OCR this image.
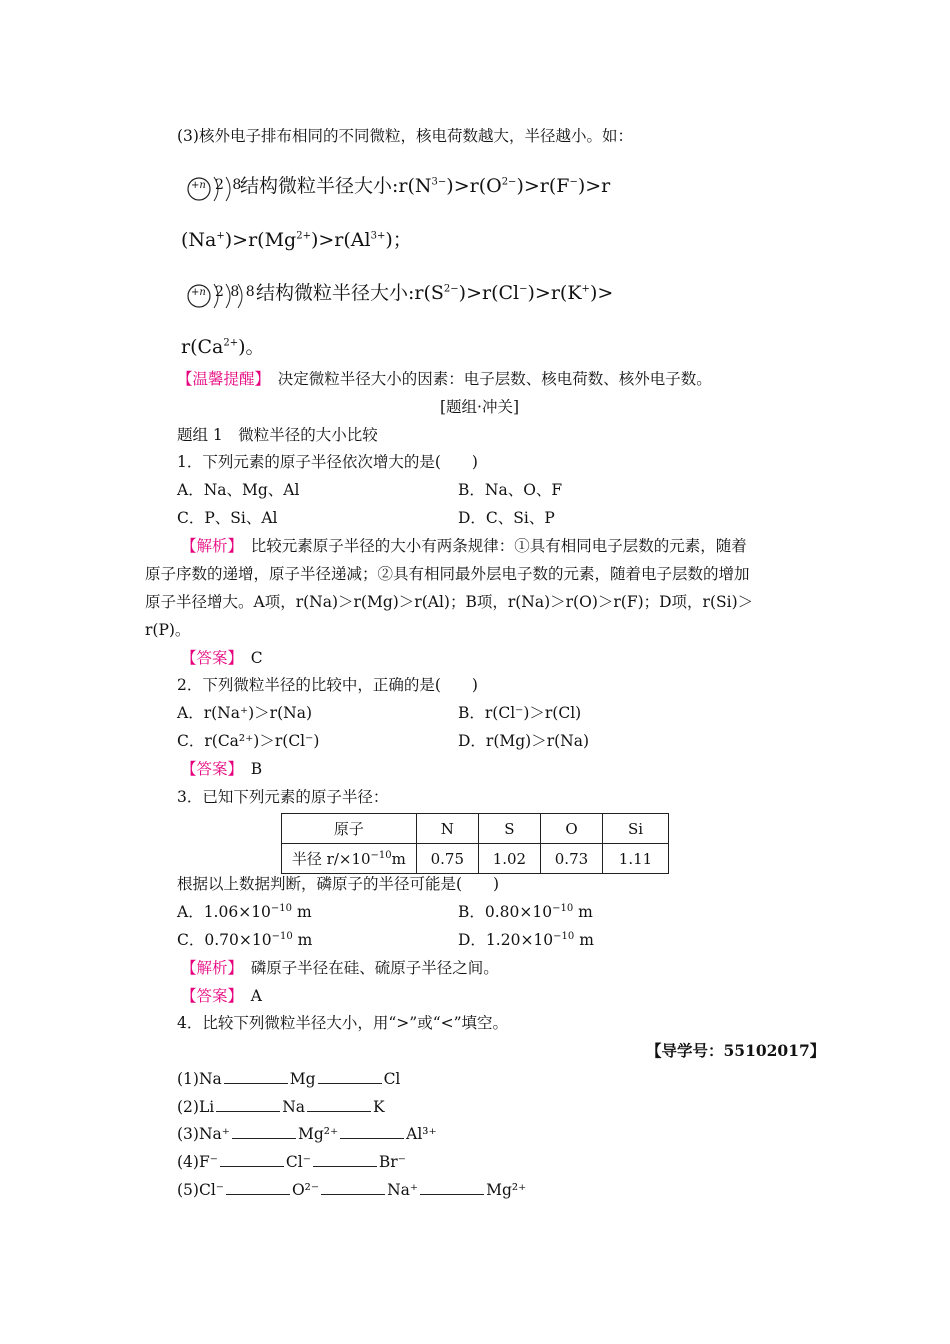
(3)核外电子排布相同的不同微粒，核电荷数越大，半径越小。如：
+n 2 8
结构微粒半径大小$:r(N^{3-})>r(O^{2-})>r(F^-)>r$
$(Na^+)>r(Mg^{2+})>r(Al^{3+})$；
+n 2 8 8 结构微粒半径大小$:r(S^{2-})>r(Cl^-)>r(K^+)>$
$r(Ca^{2+})$。
【温馨提醒】　 决定微粒半径大小的因素：电子层数、核电荷数、核外电子数。
[题组·冲关]
题组 1　微粒半径的大小比较
1．下列元素的原子半径依次增大的是(　　)
A．Na、Mg、Al	B．Na、O、F
C．P、Si、Al	D．C、Si、P
【解析】　 比较元素原子半径的大小有两条规律：①具有相同电子层数的元素，随着
原子序数的递增，原子半径递减；②具有相同最外层电子数的元素，随着电子层数的增加
原子半径增大。A项，r(Na)＞r(Mg)＞r(Al)；B项，r(Na)＞r(O)＞r(F)；D项，r(Si)＞
r(P)。
【答案】　 C
2．下列微粒半径的比较中，正确的是(　　)
A．r(Na⁺)＞r(Na)	B．r(Cl⁻)＞r(Cl)
C．r(Ca²⁺)＞r(Cl⁻)	D．r(Mg)＞r(Na)
【答案】　 B
3．已知下列元素的原子半径：
原子	N	S	O	Si
半径 $r/\times 10^{-10}m$	0.75	1.02	0.73	1.11
根据以上数据判断，磷原子的半径可能是(　　)
A．$1.06\times 10^{-10}$ m	B．$0.80\times 10^{-10}$ m
C．$0.70\times 10^{-10}$ m	D．$1.20\times 10^{-10}$ m
【解析】　 磷原子半径在硅、硫原子半径之间。
【答案】　 A
4．比较下列微粒半径大小，用“>”或“<”填空。
【导学号：55102017】
(1)Na	Mg	Cl
(2)Li	Na	K
(3)Na⁺	Mg²⁺	Al³⁺
(4)F⁻	Cl⁻	Br⁻
(5)Cl⁻	O²⁻	Na⁺	Mg²⁺
